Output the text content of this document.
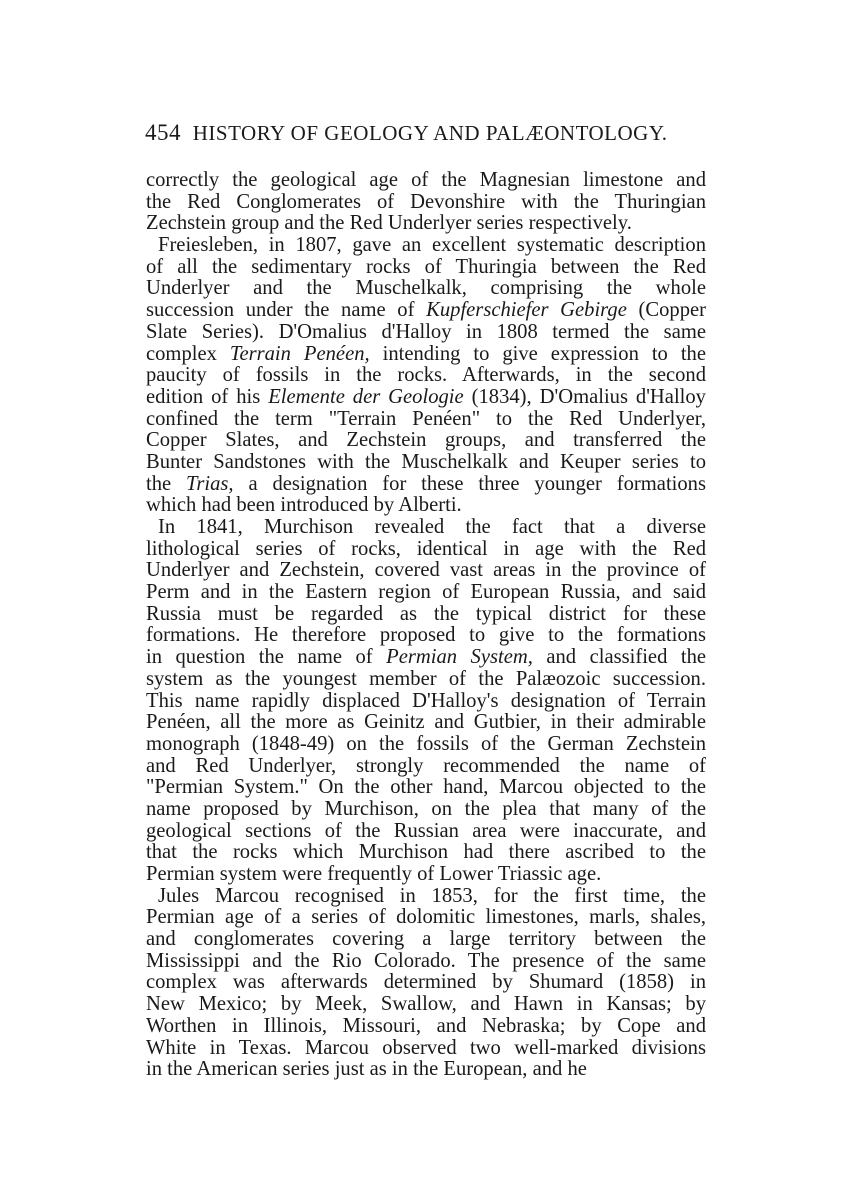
454 HISTORY OF GEOLOGY AND PALÆONTOLOGY.
correctly the geological age of the Magnesian limestone and
the Red Conglomerates of Devonshire with the Thuringian
Zechstein group and the Red Underlyer series respectively.
Freiesleben, in 1807, gave an excellent systematic description
of all the sedimentary rocks of Thuringia between the Red
Underlyer and the Muschelkalk, comprising the whole
succession under the name of Kupferschiefer Gebirge (Copper
Slate Series). D'Omalius d'Halloy in 1808 termed the same
complex Terrain Penéen, intending to give expression to the
paucity of fossils in the rocks. Afterwards, in the second
edition of his Elemente der Geologie (1834), D'Omalius d'Halloy
confined the term "Terrain Penéen" to the Red Underlyer,
Copper Slates, and Zechstein groups, and transferred the
Bunter Sandstones with the Muschelkalk and Keuper series to
the Trias, a designation for these three younger formations
which had been introduced by Alberti.
In 1841, Murchison revealed the fact that a diverse
lithological series of rocks, identical in age with the Red
Underlyer and Zechstein, covered vast areas in the province of
Perm and in the Eastern region of European Russia, and said
Russia must be regarded as the typical district for these
formations. He therefore proposed to give to the formations
in question the name of Permian System, and classified the
system as the youngest member of the Palæozoic succession.
This name rapidly displaced D'Halloy's designation of Terrain
Penéen, all the more as Geinitz and Gutbier, in their admirable
monograph (1848-49) on the fossils of the German Zechstein
and Red Underlyer, strongly recommended the name of
"Permian System." On the other hand, Marcou objected to the
name proposed by Murchison, on the plea that many of the
geological sections of the Russian area were inaccurate, and
that the rocks which Murchison had there ascribed to the
Permian system were frequently of Lower Triassic age.
Jules Marcou recognised in 1853, for the first time, the
Permian age of a series of dolomitic limestones, marls, shales,
and conglomerates covering a large territory between the
Mississippi and the Rio Colorado. The presence of the same
complex was afterwards determined by Shumard (1858) in
New Mexico; by Meek, Swallow, and Hawn in Kansas; by
Worthen in Illinois, Missouri, and Nebraska; by Cope and
White in Texas. Marcou observed two well-marked divisions
in the American series just as in the European, and he
